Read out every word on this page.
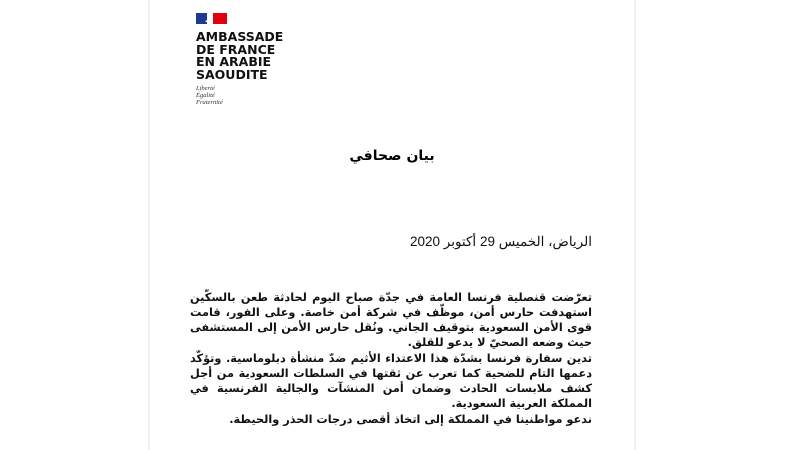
AMBASSADE
DE FRANCE
EN ARABIE
SAOUDITE
Liberté
Égalité
Fraternité
بيان صحافي
الرياض، الخميس 29 أكتوبر 2020

تعرّضت قنصلية فرنسا العامة في جدّة صباح اليوم لحادثة طعن بالسكّين استهدفت حارس أمن، موظّف في شركة أمن خاصة. وعلى الفور، قامت قوى الأمن السعودية بتوقيف الجاني. ونُقل حارس الأمن إلى المستشفى حيث وضعه الصحيّ لا يدعو للقلق.

تدين سفارة فرنسا بشدّة هذا الاعتداء الأثيم ضدّ منشأة دبلوماسية. وتؤكّد دعمها التام للضحية كما تعرب عن ثقتها في السلطات السعودية من أجل كشف ملابسات الحادث وضمان أمن المنشآت والجالية الفرنسية في المملكة العربية السعودية.

ندعو مواطنينا في المملكة إلى اتخاذ أقصى درجات الحذر والحيطة.
